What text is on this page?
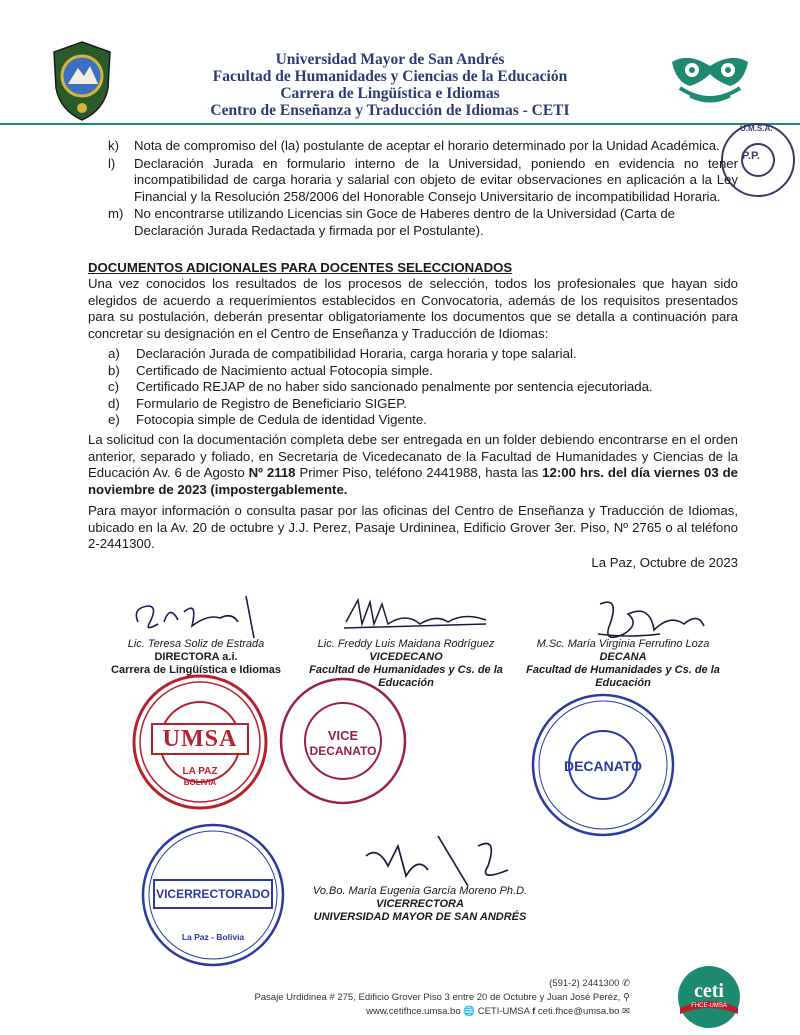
Universidad Mayor de San Andrés
Facultad de Humanidades y Ciencias de la Educación
Carrera de Lingüística e Idiomas
Centro de Enseñanza y Traducción de Idiomas - CETI
P.P.
U.M.S.A.
k) Nota de compromiso del (la) postulante de aceptar el horario determinado por la Unidad Académica.
l) Declaración Jurada en formulario interno de la Universidad, poniendo en evidencia no tener incompatibilidad de carga horaria y salarial con objeto de evitar observaciones en aplicación a la Ley Financial y la Resolución 258/2006 del Honorable Consejo Universitario de incompatibilidad Horaria.
m) No encontrarse utilizando Licencias sin Goce de Haberes dentro de la Universidad (Carta de Declaración Jurada Redactada y firmada por el Postulante).
DOCUMENTOS ADICIONALES PARA DOCENTES SELECCIONADOS
Una vez conocidos los resultados de los procesos de selección, todos los profesionales que hayan sido elegidos de acuerdo a requerimientos establecidos en Convocatoria, además de los requisitos presentados para su postulación, deberán presentar obligatoriamente los documentos que se detalla a continuación para concretar su designación en el Centro de Enseñanza y Traducción de Idiomas:
a) Declaración Jurada de compatibilidad Horaria, carga horaria y tope salarial.
b) Certificado de Nacimiento actual Fotocopia simple.
c) Certificado REJAP de no haber sido sancionado penalmente por sentencia ejecutoriada.
d) Formulario de Registro de Beneficiario SIGEP.
e) Fotocopia simple de Cedula de identidad Vigente.
La solicitud con la documentación completa debe ser entregada en un folder debiendo encontrarse en el orden anterior, separado y foliado, en Secretaria de Vicedecanato de la Facultad de Humanidades y Ciencias de la Educación Av. 6 de Agosto Nº 2118 Primer Piso, teléfono 2441988, hasta las 12:00 hrs. del día viernes 03 de noviembre de 2023 (impostergablemente.
Para mayor información o consulta pasar por las oficinas del Centro de Enseñanza y Traducción de Idiomas, ubicado en la Av. 20 de octubre y J.J. Perez, Pasaje Urdininea, Edificio Grover 3er. Piso, Nº 2765 o al teléfono 2-2441300.
La Paz, Octubre de 2023
Lic. Teresa Soliz de Estrada
DIRECTORA a.i.
Carrera de Lingüística e Idiomas
Lic. Freddy Luis Maidana Rodríguez
VICEDECANO
Facultad de Humanidades y Cs. de la Educación
M.Sc. María Virginia Ferrufino Loza
DECANA
Facultad de Humanidades y Cs. de la Educación
Vo.Bo. María Eugenia García Moreno Ph.D.
VICERRECTORA
UNIVERSIDAD MAYOR DE SAN ANDRÉS
UMSA
LA PAZ
BOLIVIA
VICE
DECANATO
DECANATO
VICERRECTORADO
La Paz - Bolivia
(591-2) 2441300 ✆
Pasaje Urdidinea # 275, Edificio Grover Piso 3 entre 20 de Octubre y Juan José Peréz, ⚲
www.cetifhce.umsa.bo 🌐 CETI-UMSA f ceti.fhce@umsa.bo ✉
ceti
FHCE-UMSA
